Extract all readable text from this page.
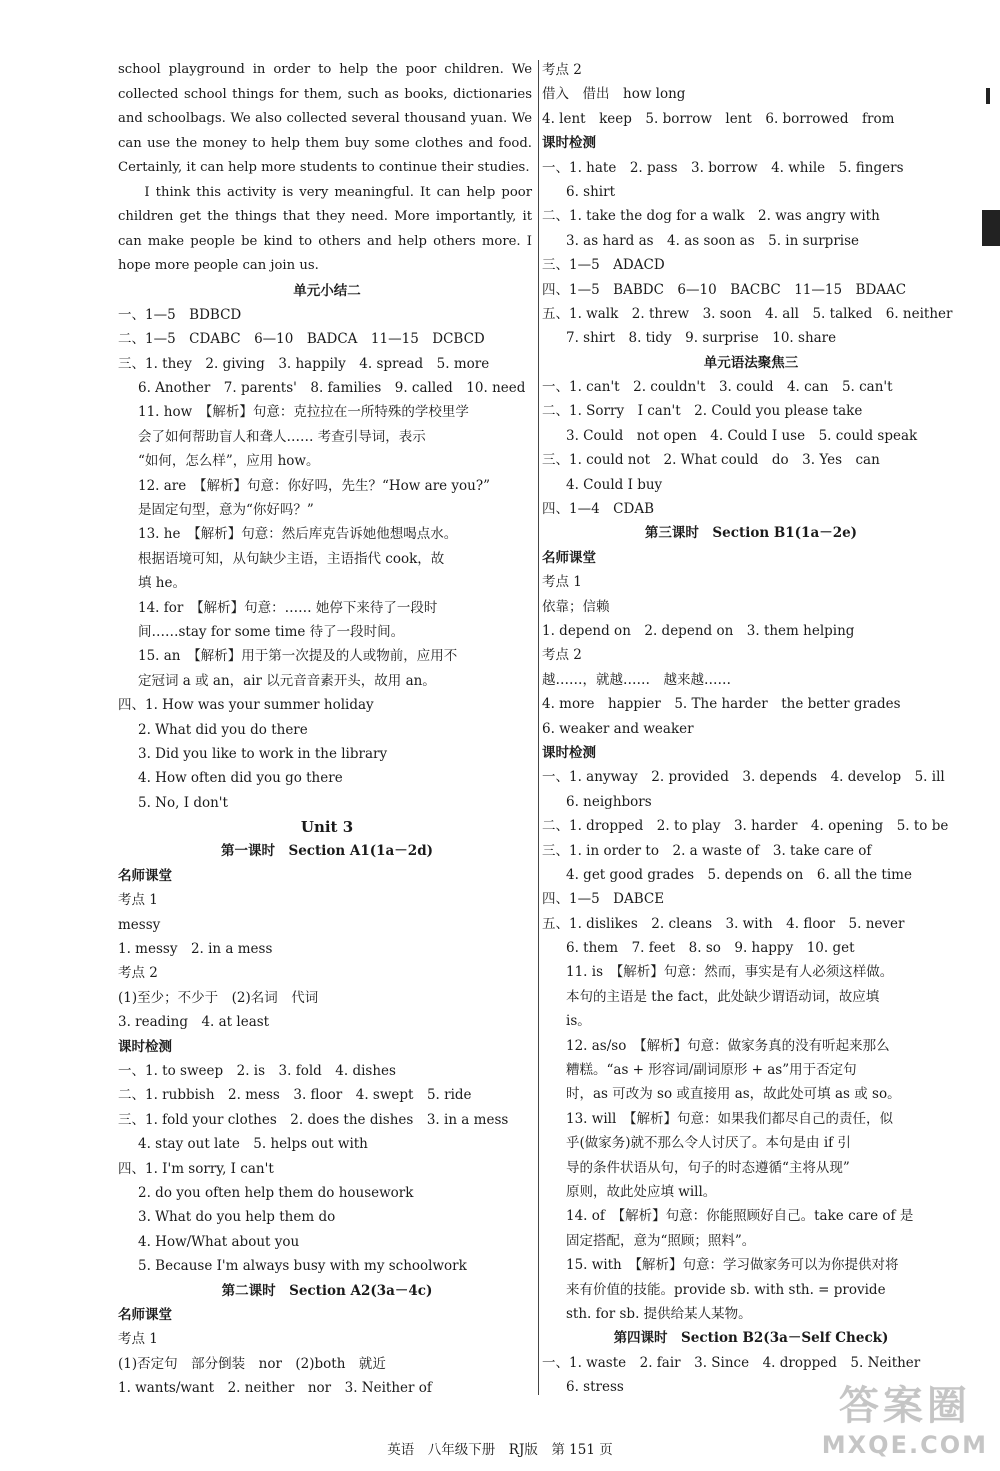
school playground in order to help the poor children. We collected school things for them, such as books, dictionaries and schoolbags. We also collected several thousand yuan. We can use the money to help them buy some clothes and food. Certainly, it can help more students to continue their studies.

I think this activity is very meaningful. It can help poor children get the things that they need. More importantly, it can make people be kind to others and help others more. I hope more people can join us.

单元小结二
一、1—5　BDBCD
二、1—5　CDABC　6—10　BADCA　11—15　DCBCD
三、1. they　2. giving　3. happily　4. spread　5. more
6. Another　7. parents'　8. families　9. called　10. need
11. how　【解析】句意：克拉拉在一所特殊的学校里学
会了如何帮助盲人和聋人…… 考查引导词，表示
“如何，怎么样”，应用 how。
12. are　【解析】句意：你好吗，先生？“How are you?”
是固定句型，意为“你好吗？”
13. he　【解析】句意：然后库克告诉她他想喝点水。
根据语境可知，从句缺少主语，主语指代 cook，故
填 he。
14. for　【解析】句意：…… 她停下来待了一段时
间……stay for some time 待了一段时间。
15. an　【解析】用于第一次提及的人或物前，应用不
定冠词 a 或 an，air 以元音音素开头，故用 an。
四、1. How was your summer holiday
2. What did you do there
3. Did you like to work in the library
4. How often did you go there
5. No, I don't
Unit 3
第一课时　Section A1(1a－2d)
名师课堂
考点 1
messy
1. messy　2. in a mess
考点 2
(1)至少；不少于　(2)名词　代词
3. reading　4. at least
课时检测
一、1. to sweep　2. is　3. fold　4. dishes
二、1. rubbish　2. mess　3. floor　4. swept　5. ride
三、1. fold your clothes　2. does the dishes　3. in a mess
4. stay out late　5. helps out with
四、1. I'm sorry, I can't
2. do you often help them do housework
3. What do you help them do
4. How/What about you
5. Because I'm always busy with my schoolwork
第二课时　Section A2(3a－4c)
名师课堂
考点 1
(1)否定句　部分倒装　nor　(2)both　就近
1. wants/want　2. neither　nor　3. Neither of
考点 2
借入　借出　how long
4. lent　keep　5. borrow　lent　6. borrowed　from
课时检测
一、1. hate　2. pass　3. borrow　4. while　5. fingers
6. shirt
二、1. take the dog for a walk　2. was angry with
3. as hard as　4. as soon as　5. in surprise
三、1—5　ADACD
四、1—5　BABDC　6—10　BACBC　11—15　BDAAC
五、1. walk　2. threw　3. soon　4. all　5. talked　6. neither
7. shirt　8. tidy　9. surprise　10. share
单元语法聚焦三
一、1. can't　2. couldn't　3. could　4. can　5. can't
二、1. Sorry　I can't　2. Could you please take
3. Could　not open　4. Could I use　5. could speak
三、1. could not　2. What could　do　3. Yes　can
4. Could I buy
四、1—4　CDAB
第三课时　Section B1(1a－2e)
名师课堂
考点 1
依靠；信赖
1. depend on　2. depend on　3. them helping
考点 2
越……，就越……　越来越……
4. more　happier　5. The harder　the better grades
6. weaker and weaker
课时检测
一、1. anyway　2. provided　3. depends　4. develop　5. ill
6. neighbors
二、1. dropped　2. to play　3. harder　4. opening　5. to be
三、1. in order to　2. a waste of　3. take care of
4. get good grades　5. depends on　6. all the time
四、1—5　DABCE
五、1. dislikes　2. cleans　3. with　4. floor　5. never
6. them　7. feet　8. so　9. happy　10. get
11. is　【解析】句意：然而，事实是有人必须这样做。
本句的主语是 the fact，此处缺少谓语动词，故应填
is。
12. as/so　【解析】句意：做家务真的没有听起来那么
糟糕。“as + 形容词/副词原形 + as”用于否定句
时，as 可改为 so 或直接用 as，故此处可填 as 或 so。
13. will　【解析】句意：如果我们都尽自己的责任，似
乎(做家务)就不那么令人讨厌了。本句是由 if 引
导的条件状语从句，句子的时态遵循“主将从现”
原则，故此处应填 will。
14. of　【解析】句意：你能照顾好自己。take care of 是
固定搭配，意为“照顾；照料”。
15. with　【解析】句意：学习做家务可以为你提供对将
来有价值的技能。provide sb. with sth. = provide
sth. for sb. 提供给某人某物。
第四课时　Section B2(3a－Self Check)
一、1. waste　2. fair　3. Since　4. dropped　5. Neither
6. stress
英语　八年级下册　RJ版　第 151 页
答案圈
MXQE.COM
